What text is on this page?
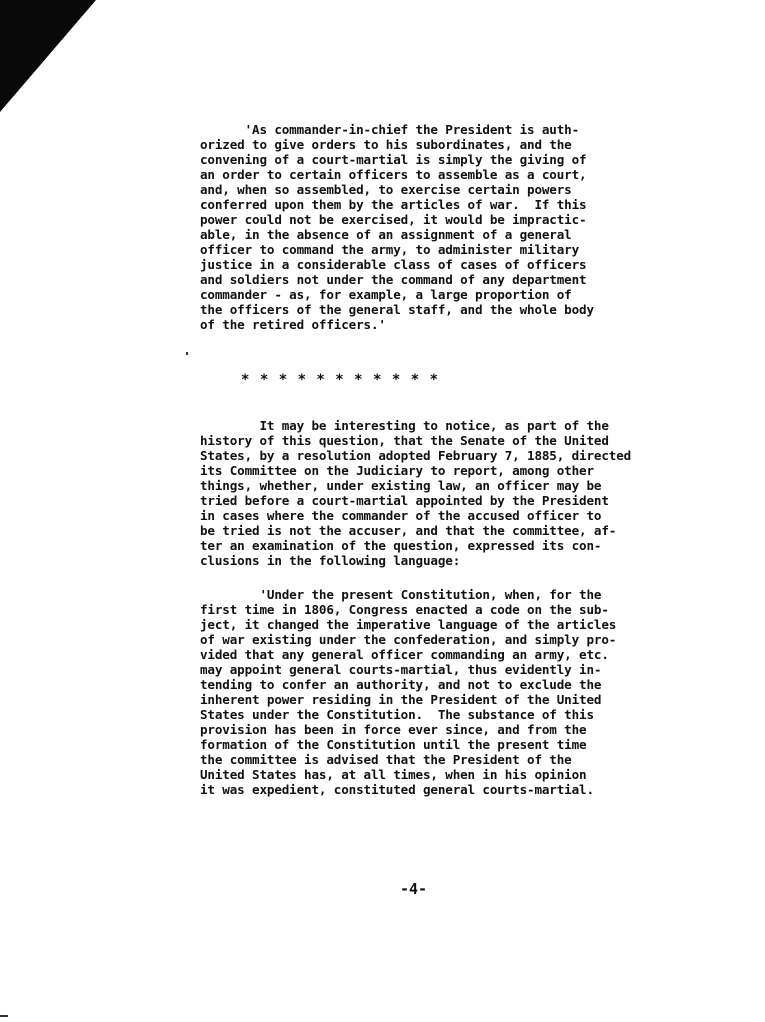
* * * * * * * * * * *
-4-
'As commander-in-chief the President is auth-
orized to give orders to his subordinates, and the
convening of a court-martial is simply the giving of
an order to certain officers to assemble as a court,
and, when so assembled, to exercise certain powers
conferred upon them by the articles of war.  If this
power could not be exercised, it would be impractic-
able, in the absence of an assignment of a general
officer to command the army, to administer military
justice in a considerable class of cases of officers
and soldiers not under the command of any department
commander - as, for example, a large proportion of
the officers of the general staff, and the whole body
of the retired officers.'
It may be interesting to notice, as part of the
history of this question, that the Senate of the United
States, by a resolution adopted February 7, 1885, directed
its Committee on the Judiciary to report, among other
things, whether, under existing law, an officer may be
tried before a court-martial appointed by the President
in cases where the commander of the accused officer to
be tried is not the accuser, and that the committee, af-
ter an examination of the question, expressed its con-
clusions in the following language:
'Under the present Constitution, when, for the
first time in 1806, Congress enacted a code on the sub-
ject, it changed the imperative language of the articles
of war existing under the confederation, and simply pro-
vided that any general officer commanding an army, etc.
may appoint general courts-martial, thus evidently in-
tending to confer an authority, and not to exclude the
inherent power residing in the President of the United
States under the Constitution.  The substance of this
provision has been in force ever since, and from the
formation of the Constitution until the present time
the committee is advised that the President of the
United States has, at all times, when in his opinion
it was expedient, constituted general courts-martial.
